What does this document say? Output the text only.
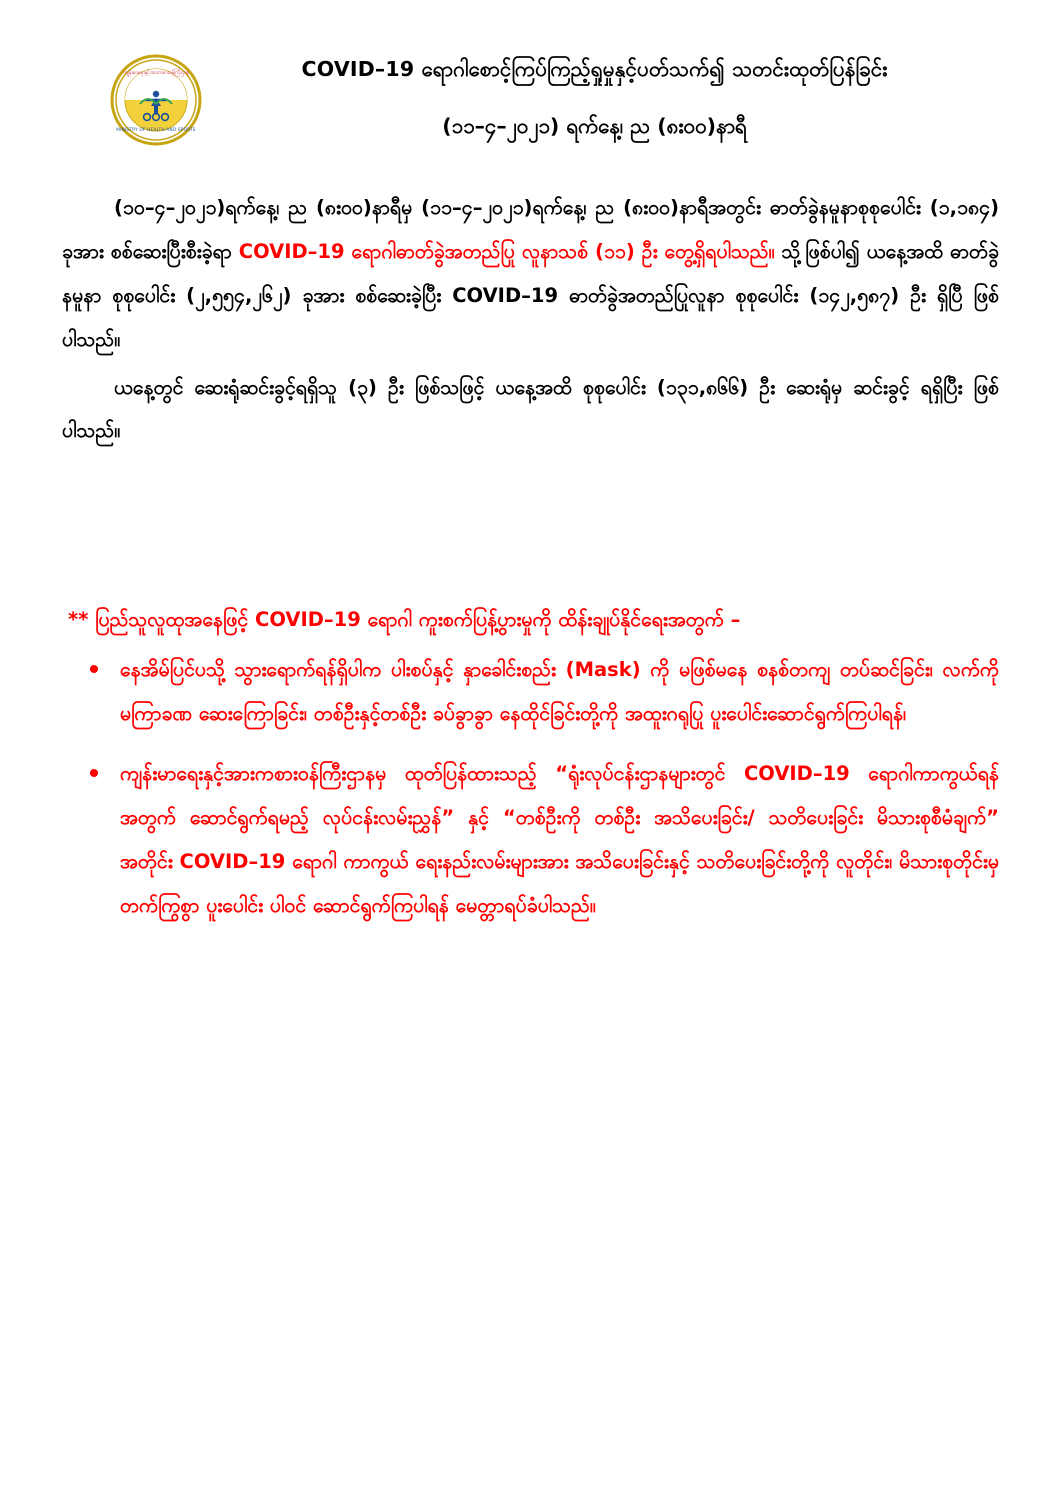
ကျန်းမာရေးနှင့်အားကစားဝန်ကြီးဌာန
MINISTRY OF HEALTH AND SPORTS
COVID–19 ရောဂါစောင့်ကြပ်ကြည့်ရှုမှုနှင့်ပတ်သက်၍ သတင်းထုတ်ပြန်ခြင်း
(၁၁–၄–၂၀၂၁) ရက်နေ့၊ ည (၈း၀၀)နာရီ

(၁၀–၄–၂၀၂၁)ရက်နေ့၊ ည (၈း၀၀)နာရီမှ (၁၁–၄–၂၀၂၁)ရက်နေ့၊ ည (၈း၀၀)နာရီအတွင်း ဓာတ်ခွဲနမူနာစုစုပေါင်း (၁,၁၈၄) ခုအား စစ်ဆေးပြီးစီးခဲ့ရာ COVID–19 ရောဂါဓာတ်ခွဲအတည်ပြု လူနာသစ် (၁၁) ဦး တွေ့ရှိရပါသည်။ သို့ဖြစ်ပါ၍ ယနေ့အထိ ဓာတ်ခွဲနမူနာ စုစုပေါင်း (၂,၅၅၄,၂၆၂) ခုအား စစ်ဆေးခဲ့ပြီး COVID–19 ဓာတ်ခွဲအတည်ပြုလူနာ စုစုပေါင်း (၁၄၂,၅၈၇) ဦး ရှိပြီ ဖြစ်ပါသည်။

ယနေ့တွင် ဆေးရုံဆင်းခွင့်ရရှိသူ (၃) ဦး ဖြစ်သဖြင့် ယနေ့အထိ စုစုပေါင်း (၁၃၁,၈၆၆) ဦး ဆေးရုံမှ ဆင်းခွင့် ရရှိပြီး ဖြစ်ပါသည်။

** ပြည်သူလူထုအနေဖြင့် COVID–19 ရောဂါ ကူးစက်ပြန့်ပွားမှုကို ထိန်းချုပ်နိုင်ရေးအတွက် –

နေအိမ်ပြင်ပသို့ သွားရောက်ရန်ရှိပါက ပါးစပ်နှင့် နှာခေါင်းစည်း (Mask) ကို မဖြစ်မနေ စနစ်တကျ တပ်ဆင်ခြင်း၊ လက်ကို မကြာခဏ ဆေးကြောခြင်း၊ တစ်ဦးနှင့်တစ်ဦး ခပ်ခွာခွာ နေထိုင်ခြင်းတို့ကို အထူးဂရုပြု ပူးပေါင်းဆောင်ရွက်ကြပါရန်၊
ကျန်းမာရေးနှင့်အားကစားဝန်ကြီးဌာနမှ ထုတ်ပြန်ထားသည့် “ရုံးလုပ်ငန်းဌာနများတွင် COVID–19 ရောဂါကာကွယ်ရန်အတွက် ဆောင်ရွက်ရမည့် လုပ်ငန်းလမ်းညွှန်” နှင့် “တစ်ဦးကို တစ်ဦး အသိပေးခြင်း/ သတိပေးခြင်း မိသားစုစီမံချက်” အတိုင်း COVID–19 ရောဂါ ကာကွယ် ရေးနည်းလမ်းများအား အသိပေးခြင်းနှင့် သတိပေးခြင်းတို့ကို လူတိုင်း၊ မိသားစုတိုင်းမှ တက်ကြွစွာ ပူးပေါင်း ပါဝင် ဆောင်ရွက်ကြပါရန် မေတ္တာရပ်ခံပါသည်။
